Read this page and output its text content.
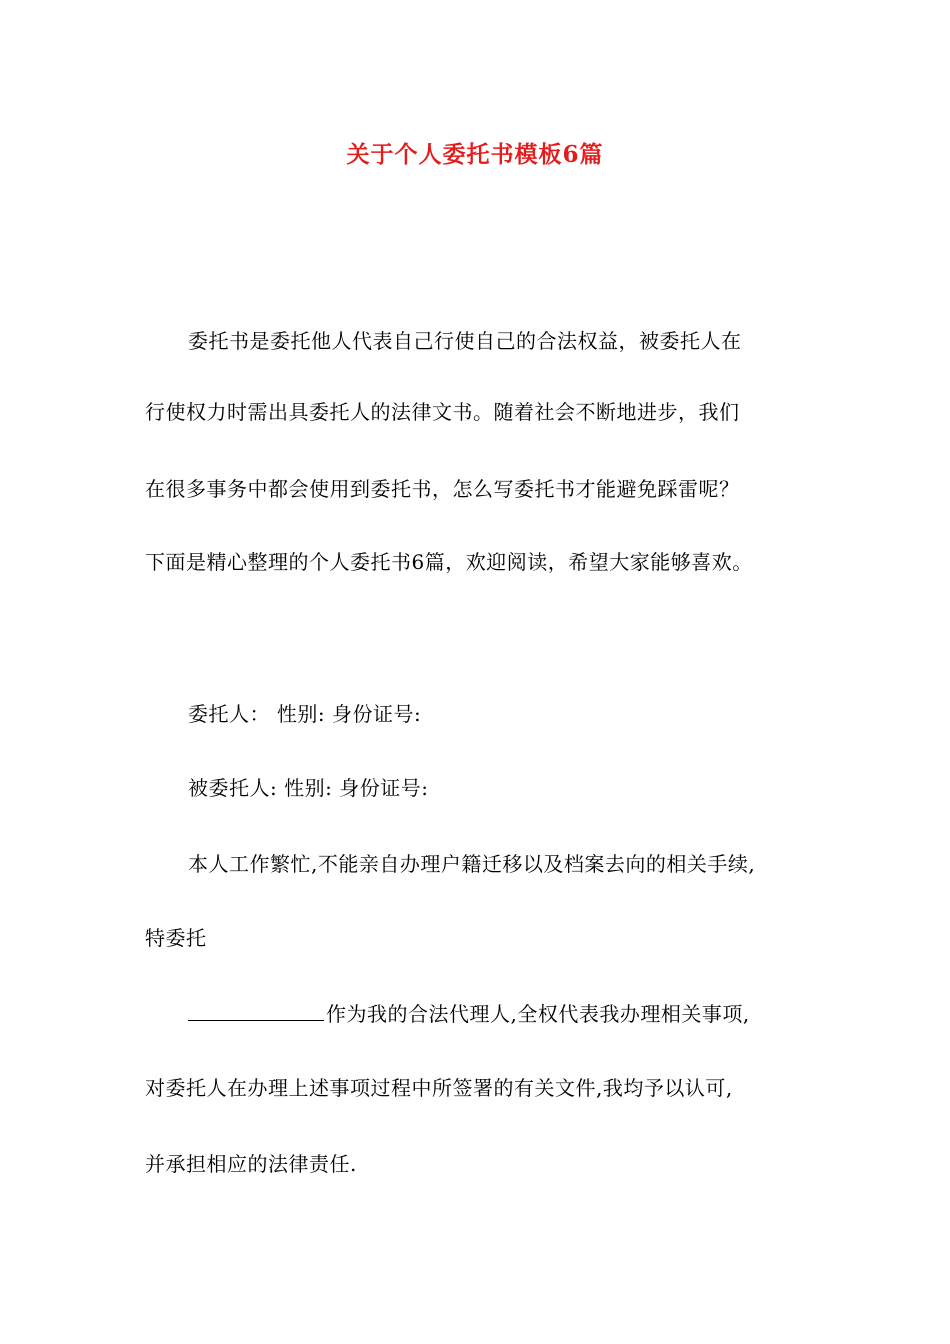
关于个人委托书模板6篇
委托书是委托他人代表自己行使自己的合法权益，被委托人在
行使权力时需出具委托人的法律文书。随着社会不断地进步，我们
在很多事务中都会使用到委托书，怎么写委托书才能避免踩雷呢？
下面是精心整理的个人委托书6篇，欢迎阅读，希望大家能够喜欢。
委托人： 性别: 身份证号:
被委托人: 性别: 身份证号:
本人工作繁忙,不能亲自办理户籍迁移以及档案去向的相关手续,
特委托
作为我的合法代理人,全权代表我办理相关事项,
对委托人在办理上述事项过程中所签署的有关文件,我均予以认可,
并承担相应的法律责任.
